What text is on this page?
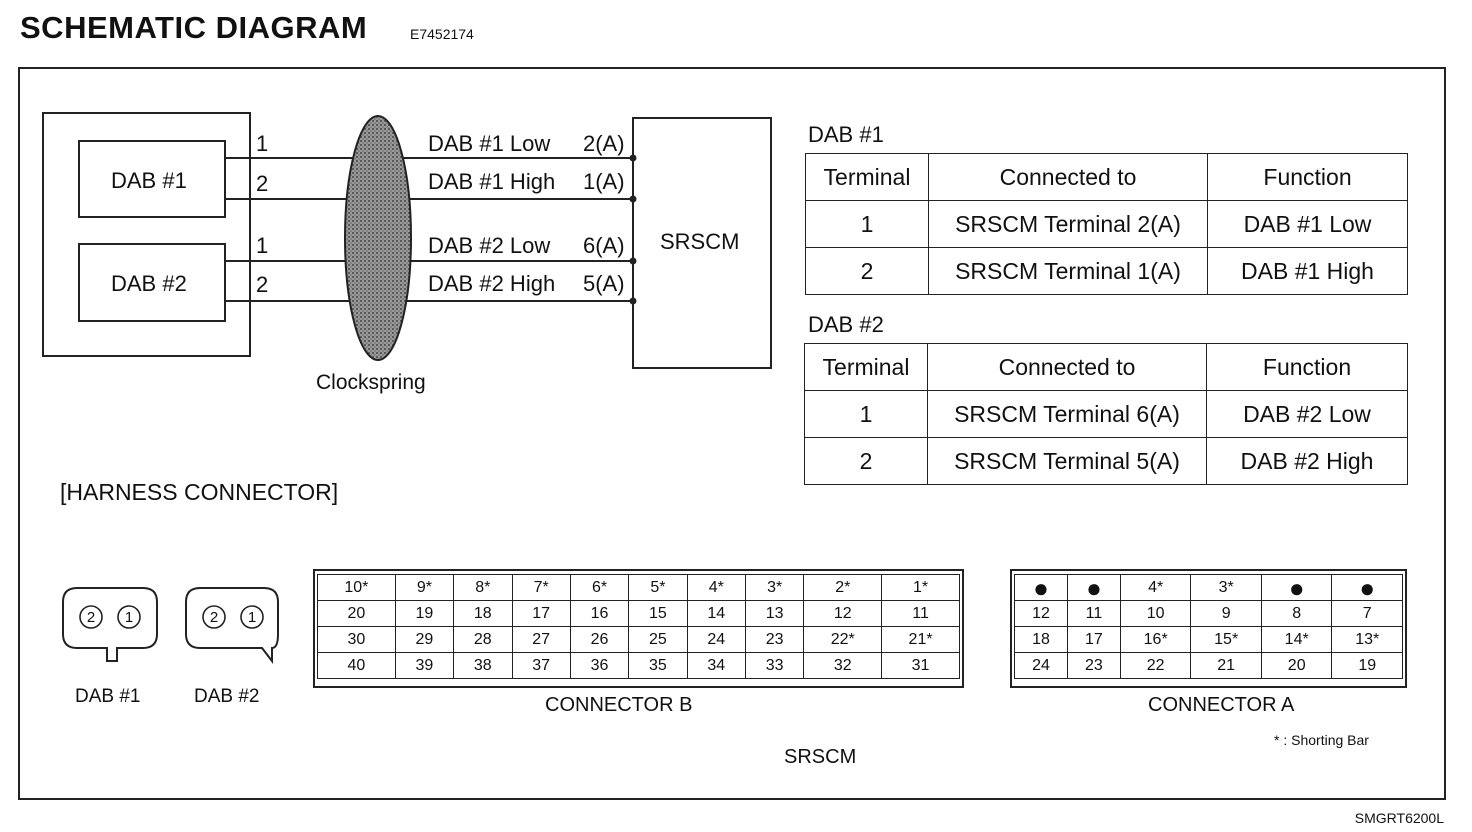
SCHEMATIC DIAGRAM	E7452174
2 1	2 1
DAB #1
DAB #2
SRSCM
Clockspring
1
2
1
2
DAB #1 Low
DAB #1 High
DAB #2 Low
DAB #2 High
2(A)
1(A)
6(A)
5(A)
DAB #1
Terminal	Connected to	Function
1	SRSCM Terminal 2(A)	DAB #1 Low
2	SRSCM Terminal 1(A)	DAB #1 High
DAB #2
Terminal	Connected to	Function
1	SRSCM Terminal 6(A)	DAB #2 Low
2	SRSCM Terminal 5(A)	DAB #2 High
[HARNESS CONNECTOR]
DAB #1	DAB #2
10*	9*	8*	7*	6*	5*	4*	3*	2*	1*
20	19	18	17	16	15	14	13	12	11
30	29	28	27	26	25	24	23	22*	21*
40	39	38	37	36	35	34	33	32	31
CONNECTOR B
●	●	4*	3*	●	●
12	11	10	9	8	7
18	17	16*	15*	14*	13*
24	23	22	21	20	19
CONNECTOR A
* : Shorting Bar
SRSCM
SMGRT6200L
